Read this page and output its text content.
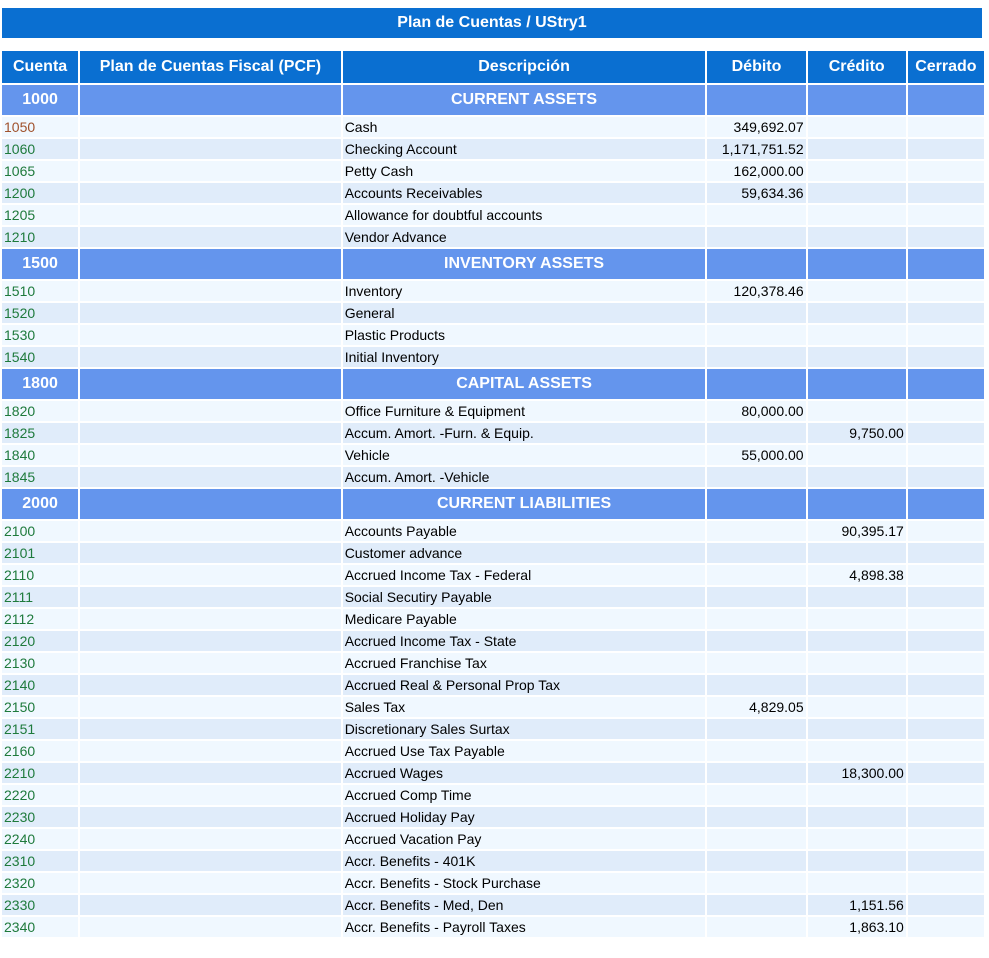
Plan de Cuentas / UStry1
Cuenta	Plan de Cuentas Fiscal (PCF)	Descripción	Débito	Crédito	Cerrado
1000		CURRENT ASSETS			
1050		Cash	349,692.07		
1060		Checking Account	1,171,751.52		
1065		Petty Cash	162,000.00		
1200		Accounts Receivables	59,634.36		
1205		Allowance for doubtful accounts			
1210		Vendor Advance			
1500		INVENTORY ASSETS			
1510		Inventory	120,378.46		
1520		General			
1530		Plastic Products			
1540		Initial Inventory			
1800		CAPITAL ASSETS			
1820		Office Furniture & Equipment	80,000.00		
1825		Accum. Amort. -Furn. & Equip.		9,750.00	
1840		Vehicle	55,000.00		
1845		Accum. Amort. -Vehicle			
2000		CURRENT LIABILITIES			
2100		Accounts Payable		90,395.17	
2101		Customer advance			
2110		Accrued Income Tax - Federal		4,898.38	
2111		Social Secutiry Payable			
2112		Medicare Payable			
2120		Accrued Income Tax - State			
2130		Accrued Franchise Tax			
2140		Accrued Real & Personal Prop Tax			
2150		Sales Tax	4,829.05		
2151		Discretionary Sales Surtax			
2160		Accrued Use Tax Payable			
2210		Accrued Wages		18,300.00	
2220		Accrued Comp Time			
2230		Accrued Holiday Pay			
2240		Accrued Vacation Pay			
2310		Accr. Benefits - 401K			
2320		Accr. Benefits - Stock Purchase			
2330		Accr. Benefits - Med, Den		1,151.56	
2340		Accr. Benefits - Payroll Taxes		1,863.10	
